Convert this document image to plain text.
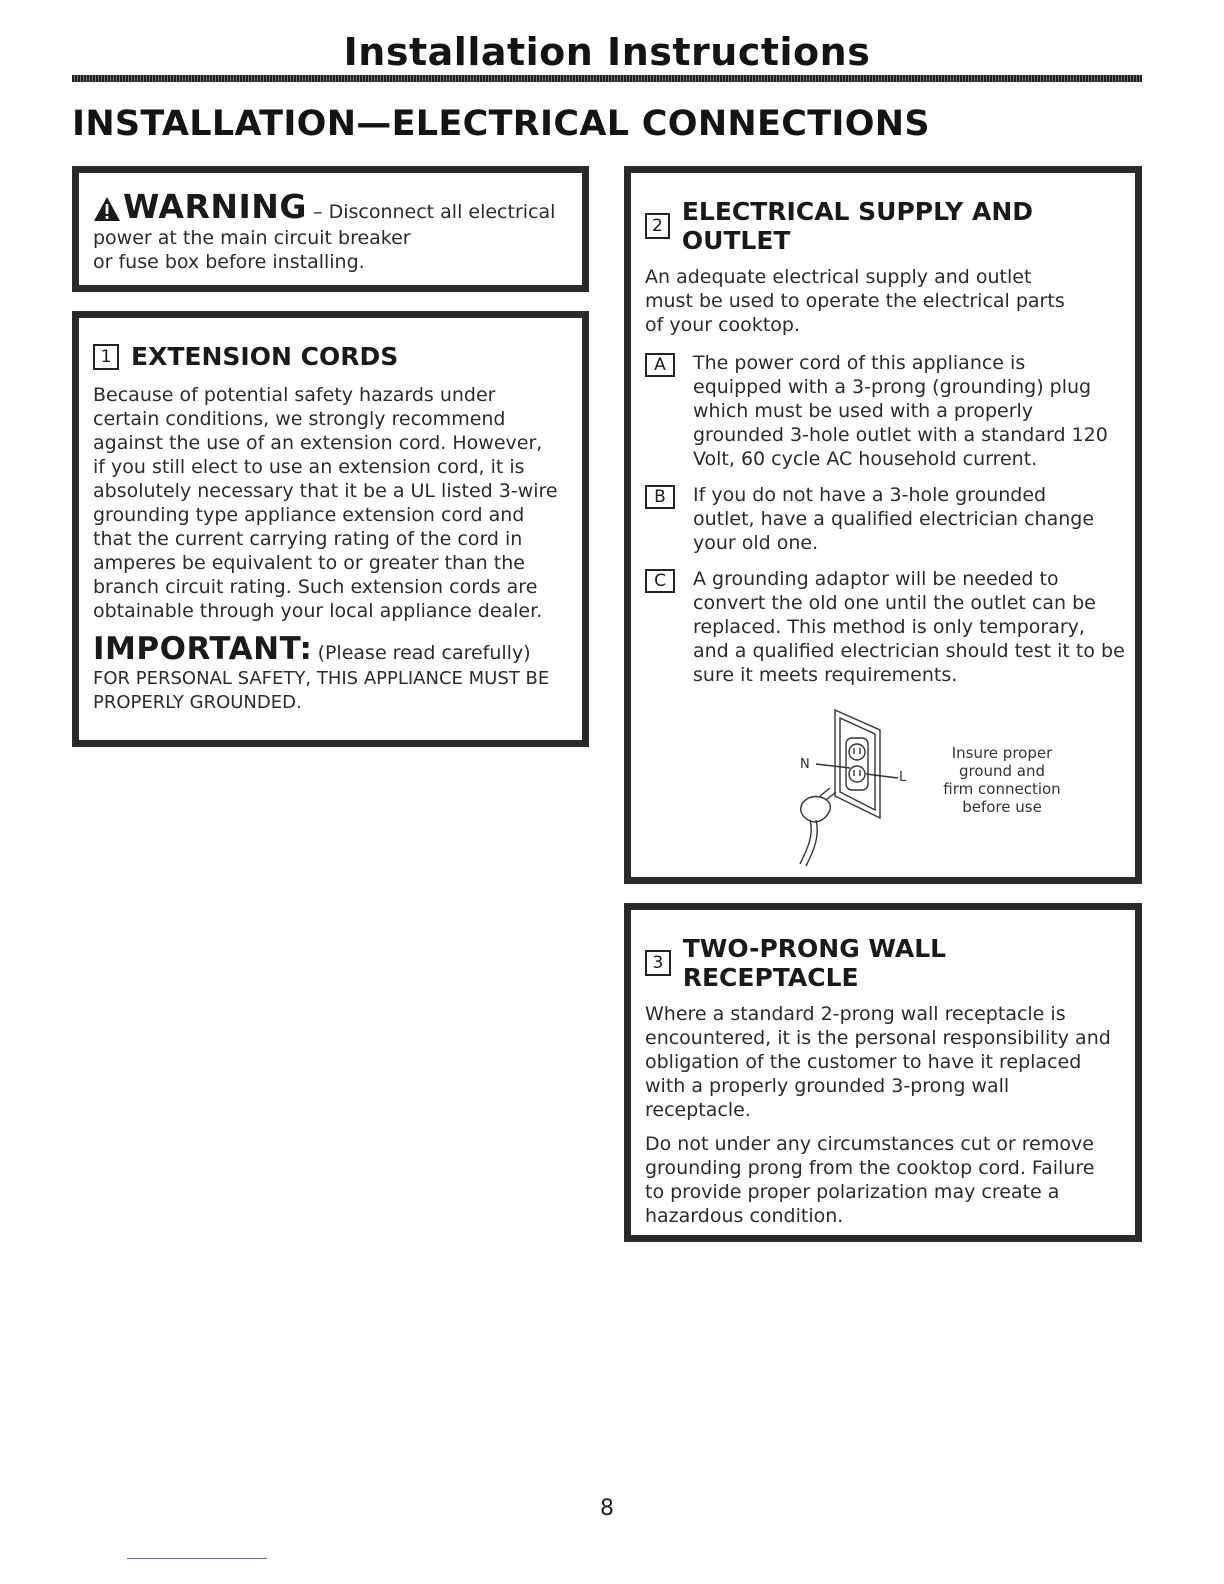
Installation Instructions
INSTALLATION—ELECTRICAL CONNECTIONS
WARNING – Disconnect all electrical
power at the main circuit breaker
or fuse box before installing.
1 EXTENSION CORDS
Because of potential safety hazards under certain conditions, we strongly recommend against the use of an extension cord. However, if you still elect to use an extension cord, it is absolutely necessary that it be a UL listed 3-wire grounding type appliance extension cord and that the current carrying rating of the cord in amperes be equivalent to or greater than the branch circuit rating. Such extension cords are obtainable through your local appliance dealer.
IMPORTANT: (Please read carefully) FOR PERSONAL SAFETY, THIS APPLIANCE MUST BE PROPERLY GROUNDED.
2 ELECTRICAL SUPPLY AND OUTLET
An adequate electrical supply and outlet must be used to operate the electrical parts of your cooktop.
A	The power cord of this appliance is equipped with a 3-prong (grounding) plug which must be used with a properly grounded 3-hole outlet with a standard 120 Volt, 60 cycle AC household current.
B	If you do not have a 3-hole grounded outlet, have a qualified electrician change your old one.
C	A grounding adaptor will be needed to convert the old one until the outlet can be replaced. This method is only temporary, and a qualified electrician should test it to be sure it meets requirements.
N
L
Insure proper
ground and
firm connection
before use
3 TWO-PRONG WALL RECEPTACLE
Where a standard 2-prong wall receptacle is encountered, it is the personal responsibility and obligation of the customer to have it replaced with a properly grounded 3-prong wall receptacle.
Do not under any circumstances cut or remove grounding prong from the cooktop cord. Failure to provide proper polarization may create a hazardous condition.
8
